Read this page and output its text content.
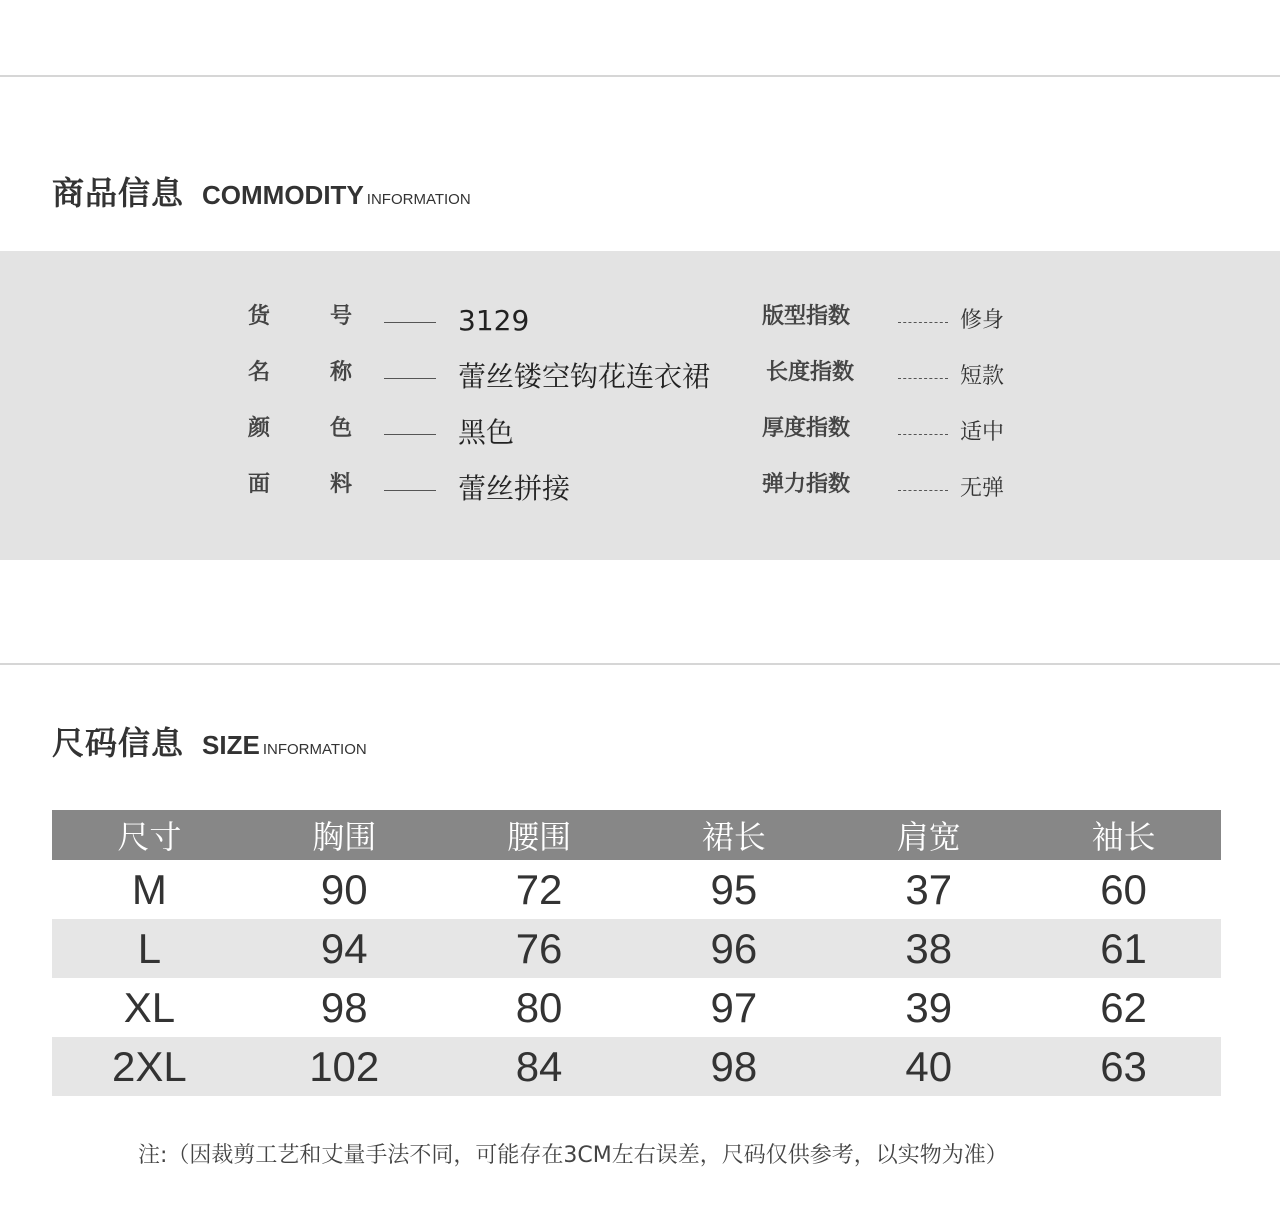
商品信息 COMMODITY INFORMATION
货	号	3129	版型指数	修身
名	称	蕾丝镂空钩花连衣裙	长度指数	短款
颜	色	黑色	厚度指数	适中
面	料	蕾丝拼接	弹力指数	无弹
尺码信息 SIZE INFORMATION
尺寸	胸围	腰围	裙长	肩宽	袖长
M	90	72	95	37	60
L	94	76	96	38	61
XL	98	80	97	39	62
2XL	102	84	98	40	63
注:（因裁剪工艺和丈量手法不同，可能存在3CM左右误差，尺码仅供参考，以实物为准）
